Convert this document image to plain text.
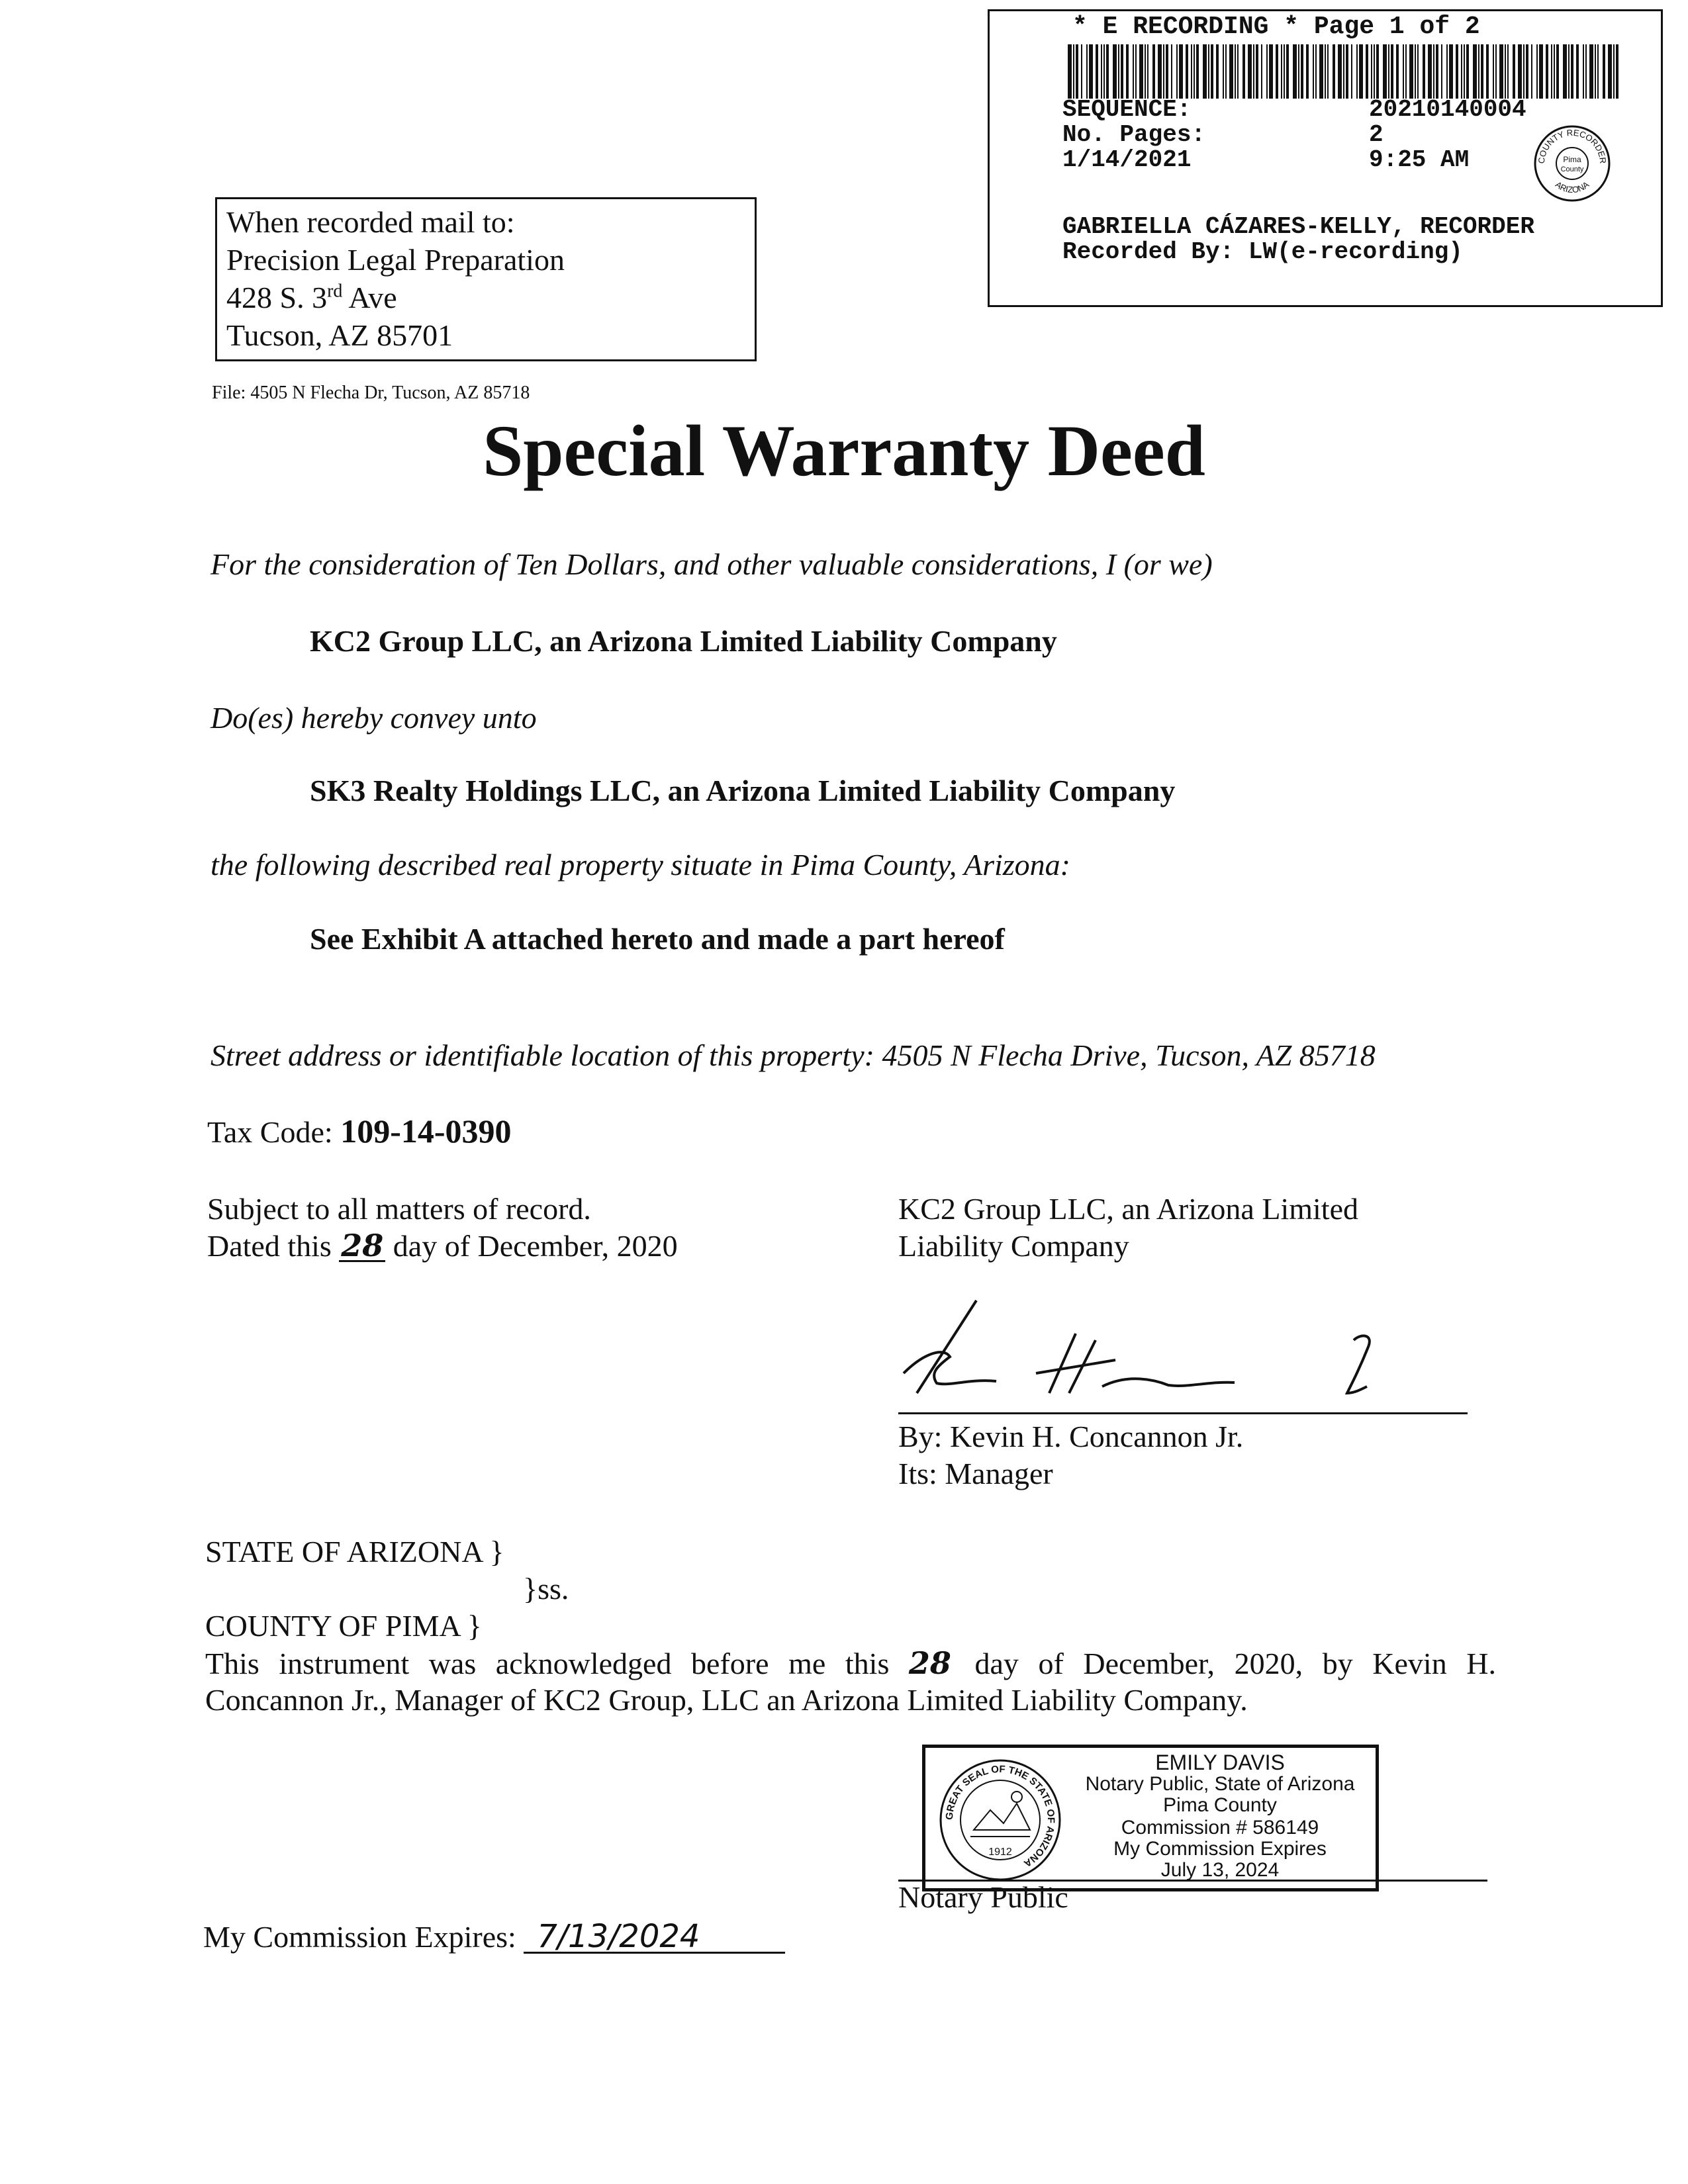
* E RECORDING * Page 1 of 2
SEQUENCE:	20210140004
No. Pages:	2
1/14/2021	9:25 AM	COUNTY RECORDER
ARIZONA
Pima
County
GABRIELLA CÁZARES-KELLY, RECORDER
Recorded By: LW(e-recording)
When recorded mail to:
Precision Legal Preparation
428 S. 3rd Ave
Tucson, AZ 85701
File: 4505 N Flecha Dr, Tucson, AZ 85718
Special Warranty Deed
For the consideration of Ten Dollars, and other valuable considerations, I (or we)
KC2 Group LLC, an Arizona Limited Liability Company
Do(es) hereby convey unto
SK3 Realty Holdings LLC, an Arizona Limited Liability Company
the following described real property situate in Pima County, Arizona:
See Exhibit A attached hereto and made a part hereof
Street address or identifiable location of this property: 4505 N Flecha Drive, Tucson, AZ 85718
Tax Code: 109-14-0390
Subject to all matters of record.
Dated this 28 day of December, 2020
KC2 Group LLC, an Arizona Limited
Liability Company
By: Kevin H. Concannon Jr.
Its: Manager
STATE OF ARIZONA }
}ss.
COUNTY OF PIMA }
This instrument was acknowledged before me this 28 day of December, 2020, by Kevin H.
Concannon Jr., Manager of KC2 Group, LLC an Arizona Limited Liability Company.
GREAT SEAL OF THE STATE OF ARIZONA
1912
EMILY DAVIS
Notary Public, State of Arizona
Pima County
Commission # 586149
My Commission Expires
July 13, 2024
Notary Public
My Commission Expires: 7/13/2024
